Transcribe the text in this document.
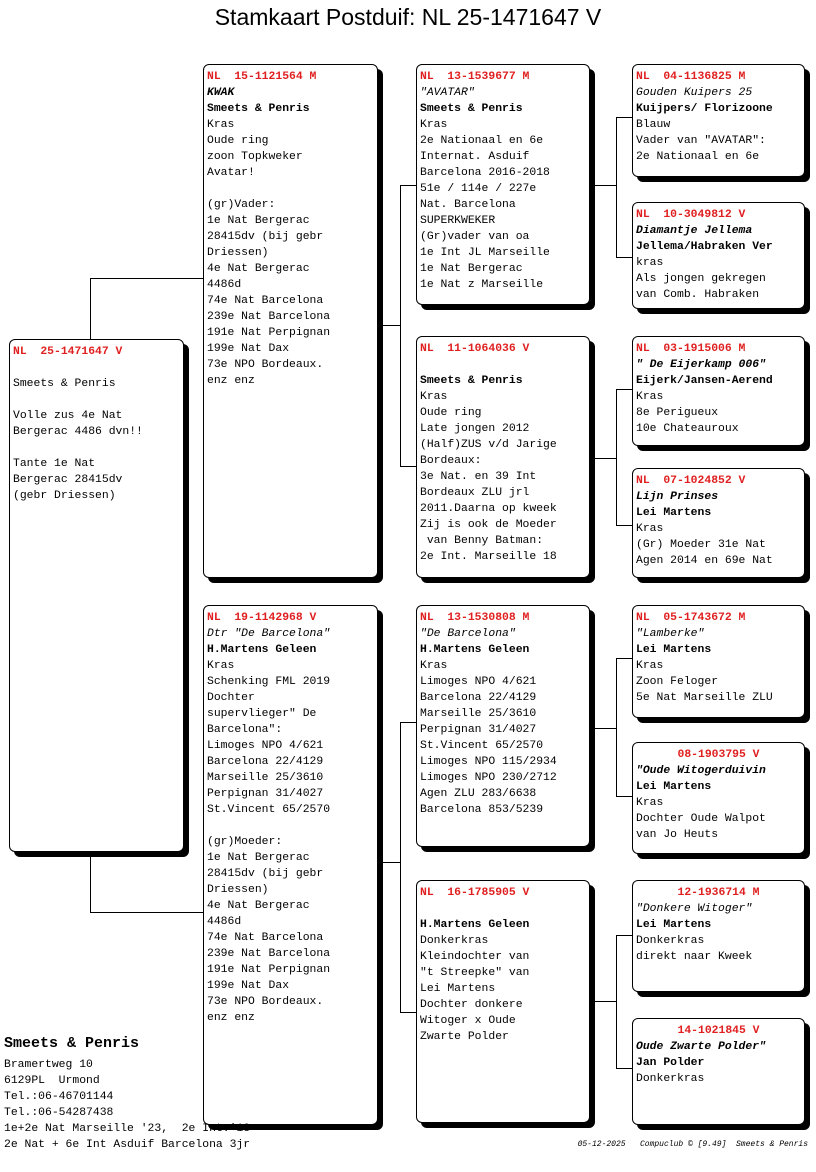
Stamkaart Postduif: NL 25-1471647 V
NL  25-1471647 V
Smeets & Penris
Volle zus 4e Nat
Bergerac 4486 dvn!!
Tante 1e Nat
Bergerac 28415dv
(gebr Driessen)
NL  15-1121564 M
KWAK
Smeets & Penris
Kras
Oude ring
zoon Topkweker
Avatar!
(gr)Vader:
1e Nat Bergerac
28415dv (bij gebr
Driessen)
4e Nat Bergerac
4486d
74e Nat Barcelona
239e Nat Barcelona
191e Nat Perpignan
199e Nat Dax
73e NPO Bordeaux.
enz enz
NL  19-1142968 V
Dtr "De Barcelona"
H.Martens Geleen
Kras
Schenking FML 2019
Dochter
supervlieger" De
Barcelona":
Limoges NPO 4/621
Barcelona 22/4129
Marseille 25/3610
Perpignan 31/4027
St.Vincent 65/2570
(gr)Moeder:
1e Nat Bergerac
28415dv (bij gebr
Driessen)
4e Nat Bergerac
4486d
74e Nat Barcelona
239e Nat Barcelona
191e Nat Perpignan
199e Nat Dax
73e NPO Bordeaux.
enz enz
NL  13-1539677 M
"AVATAR"
Smeets & Penris
Kras
2e Nationaal en 6e
Internat. Asduif
Barcelona 2016-2018
51e / 114e / 227e
Nat. Barcelona
SUPERKWEKER
(Gr)vader van oa
1e Int JL Marseille
1e Nat Bergerac
1e Nat z Marseille
NL  11-1064036 V
Smeets & Penris
Kras
Oude ring
Late jongen 2012
(Half)ZUS v/d Jarige
Bordeaux:
3e Nat. en 39 Int
Bordeaux ZLU jrl
2011.Daarna op kweek
Zij is ook de Moeder
van Benny Batman:
2e Int. Marseille 18
NL  13-1530808 M
"De Barcelona"
H.Martens Geleen
Kras
Limoges NPO 4/621
Barcelona 22/4129
Marseille 25/3610
Perpignan 31/4027
St.Vincent 65/2570
Limoges NPO 115/2934
Limoges NPO 230/2712
Agen ZLU 283/6638
Barcelona 853/5239
NL  16-1785905 V
H.Martens Geleen
Donkerkras
Kleindochter van
"t Streepke" van
Lei Martens
Dochter donkere
Witoger x Oude
Zwarte Polder
NL  04-1136825 M
Gouden Kuipers 25
Kuijpers/ Florizoone
Blauw
Vader van "AVATAR":
2e Nationaal en 6e
NL  10-3049812 V
Diamantje Jellema
Jellema/Habraken Ver
kras
Als jongen gekregen
van Comb. Habraken
NL  03-1915006 M
" De Eijerkamp 006"
Eijerk/Jansen-Aerend
Kras
8e Perigueux
10e Chateauroux
NL  07-1024852 V
Lijn Prinses
Lei Martens
Kras
(Gr) Moeder 31e Nat
Agen 2014 en 69e Nat
NL  05-1743672 M
"Lamberke"
Lei Martens
Kras
Zoon Feloger
5e Nat Marseille ZLU
08-1903795 V
"Oude Witogerduivin
Lei Martens
Kras
Dochter Oude Walpot
van Jo Heuts
12-1936714 M
"Donkere Witoger"
Lei Martens
Donkerkras
direkt naar Kweek
14-1021845 V
Oude Zwarte Polder"
Jan Polder
Donkerkras
Smeets & Penris
Bramertweg 10
6129PL  Urmond
Tel.:06-46701144
Tel.:06-54287438
1e+2e Nat Marseille '23,  2e Int.'18
2e Nat + 6e Int Asduif Barcelona 3jr	05-12-2025   Compuclub © [9.49]  Smeets & Penris
